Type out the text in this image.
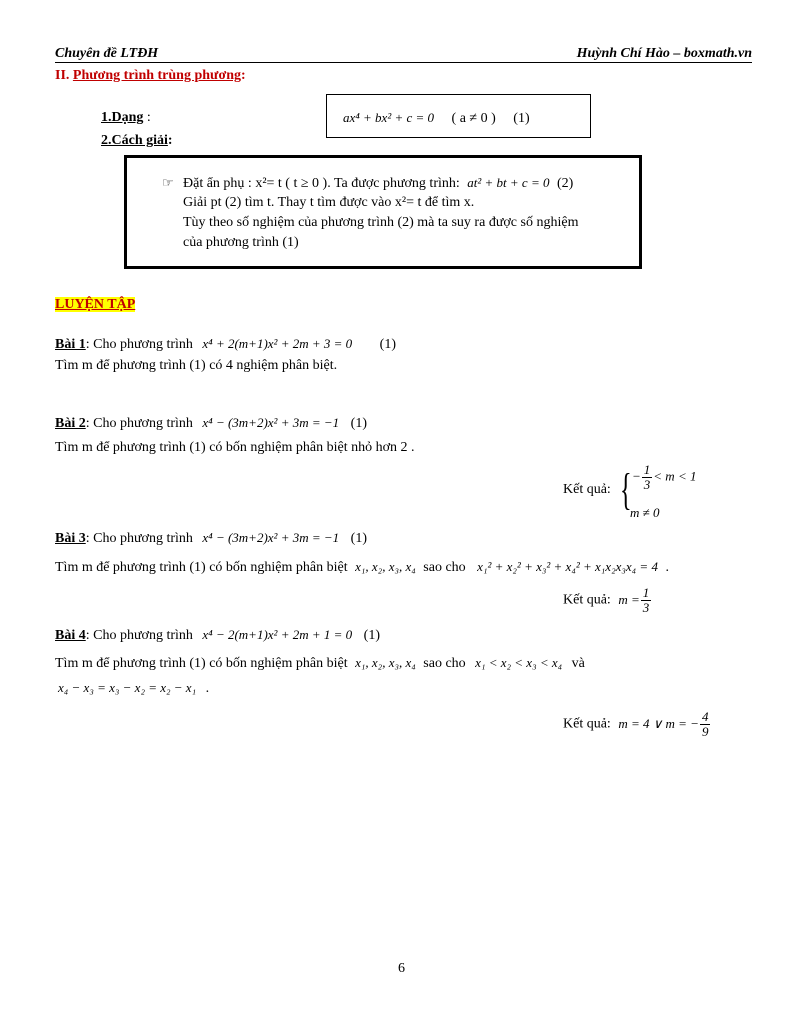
Chuyên đề LTĐH	Huỳnh Chí Hào – boxmath.vn
II. Phương trình trùng phương:
1.Dạng :	ax⁴ + bx² + c = 0 ( a ≠ 0 ) (1)
2.Cách giải:
☞ Đặt ẩn phụ : x²= t ( t ≥ 0 ). Ta được phương trình: at² + bt + c = 0 (2)
Giải pt (2) tìm t. Thay t tìm được vào x²= t để tìm x.
Tùy theo số nghiệm của phương trình (2) mà ta suy ra được số nghiệm
của phương trình (1)
LUYỆN TẬP
Bài 1: Cho phương trình x⁴ + 2(m+1)x² + 2m + 3 = 0 (1)
Tìm m để phương trình (1) có 4 nghiệm phân biệt.
Bài 2: Cho phương trình x⁴ − (3m+2)x² + 3m = −1 (1)
Tìm m để phương trình (1) có bốn nghiệm phân biệt nhỏ hơn 2 .
Kết quả: { − $\frac{1}{3} < m < 1$
m ≠ 0
Bài 3: Cho phương trình x⁴ − (3m+2)x² + 3m = −1 (1)
Tìm m để phương trình (1) có bốn nghiệm phân biệt x₁, x₂, x₃, x₄ sao cho x₁² + x₂² + x₃² + x₄² + x₁x₂x₃x₄ = 4 .
Kết quả: $m = \frac{1}{3}$
Bài 4: Cho phương trình x⁴ − 2(m+1)x² + 2m + 1 = 0 (1)
Tìm m để phương trình (1) có bốn nghiệm phân biệt x₁, x₂, x₃, x₄ sao cho x₁ < x₂ < x₃ < x₄ và
x₄ − x₃ = x₃ − x₂ = x₂ − x₁ .
Kết quả: m = 4 ∨ m = − $\frac{4}{9}$
6
